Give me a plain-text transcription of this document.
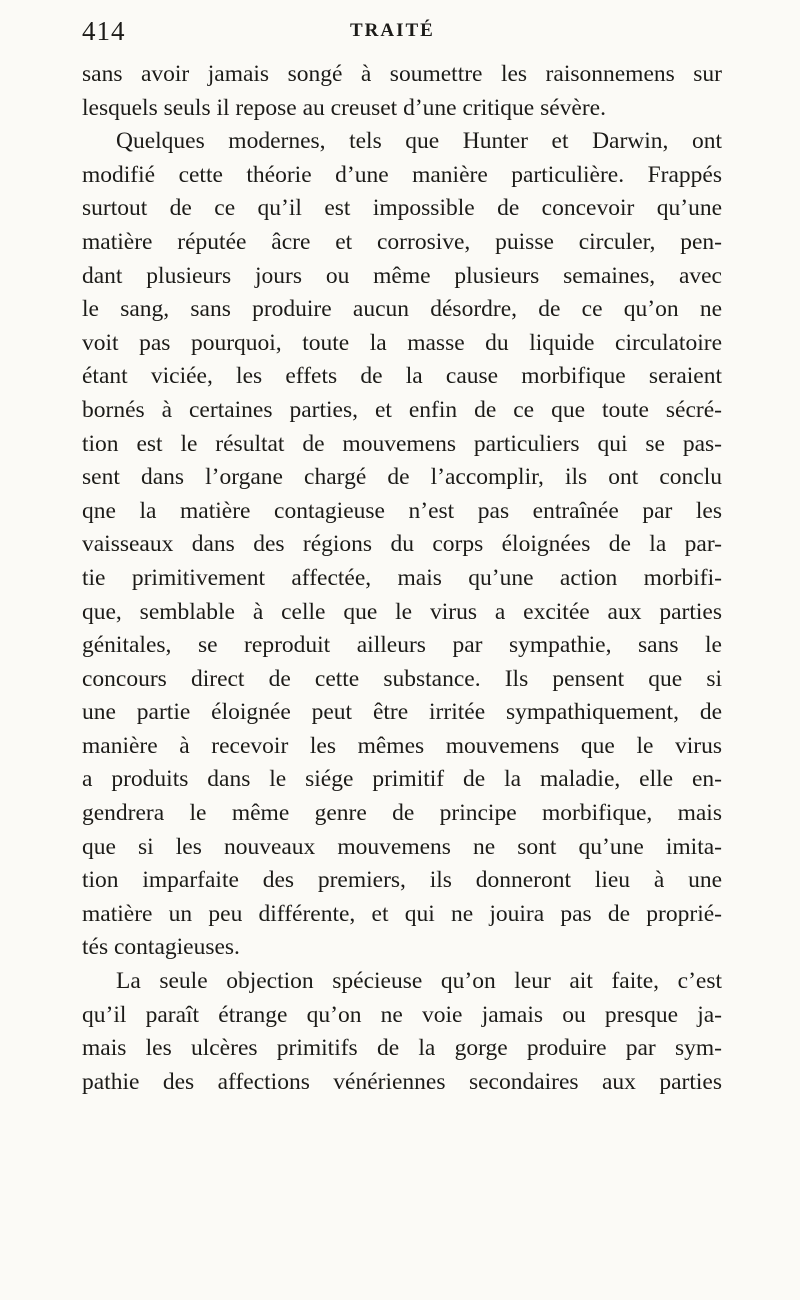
414	TRAITÉ
sans avoir jamais songé à soumettre les raisonnemens sur
lesquels seuls il repose au creuset d’une critique sévère.
Quelques modernes, tels que Hunter et Darwin, ont
modifié cette théorie d’une manière particulière. Frappés
surtout de ce qu’il est impossible de concevoir qu’une
matière réputée âcre et corrosive, puisse circuler, pen-
dant plusieurs jours ou même plusieurs semaines, avec
le sang, sans produire aucun désordre, de ce qu’on ne
voit pas pourquoi, toute la masse du liquide circulatoire
étant viciée, les effets de la cause morbifique seraient
bornés à certaines parties, et enfin de ce que toute sécré-
tion est le résultat de mouvemens particuliers qui se pas-
sent dans l’organe chargé de l’accomplir, ils ont conclu
qne la matière contagieuse n’est pas entraînée par les
vaisseaux dans des régions du corps éloignées de la par-
tie primitivement affectée, mais qu’une action morbifi-
que, semblable à celle que le virus a excitée aux parties
génitales, se reproduit ailleurs par sympathie, sans le
concours direct de cette substance. Ils pensent que si
une partie éloignée peut être irritée sympathiquement, de
manière à recevoir les mêmes mouvemens que le virus
a produits dans le siége primitif de la maladie, elle en-
gendrera le même genre de principe morbifique, mais
que si les nouveaux mouvemens ne sont qu’une imita-
tion imparfaite des premiers, ils donneront lieu à une
matière un peu différente, et qui ne jouira pas de proprié-
tés contagieuses.
La seule objection spécieuse qu’on leur ait faite, c’est
qu’il paraît étrange qu’on ne voie jamais ou presque ja-
mais les ulcères primitifs de la gorge produire par sym-
pathie des affections vénériennes secondaires aux parties
